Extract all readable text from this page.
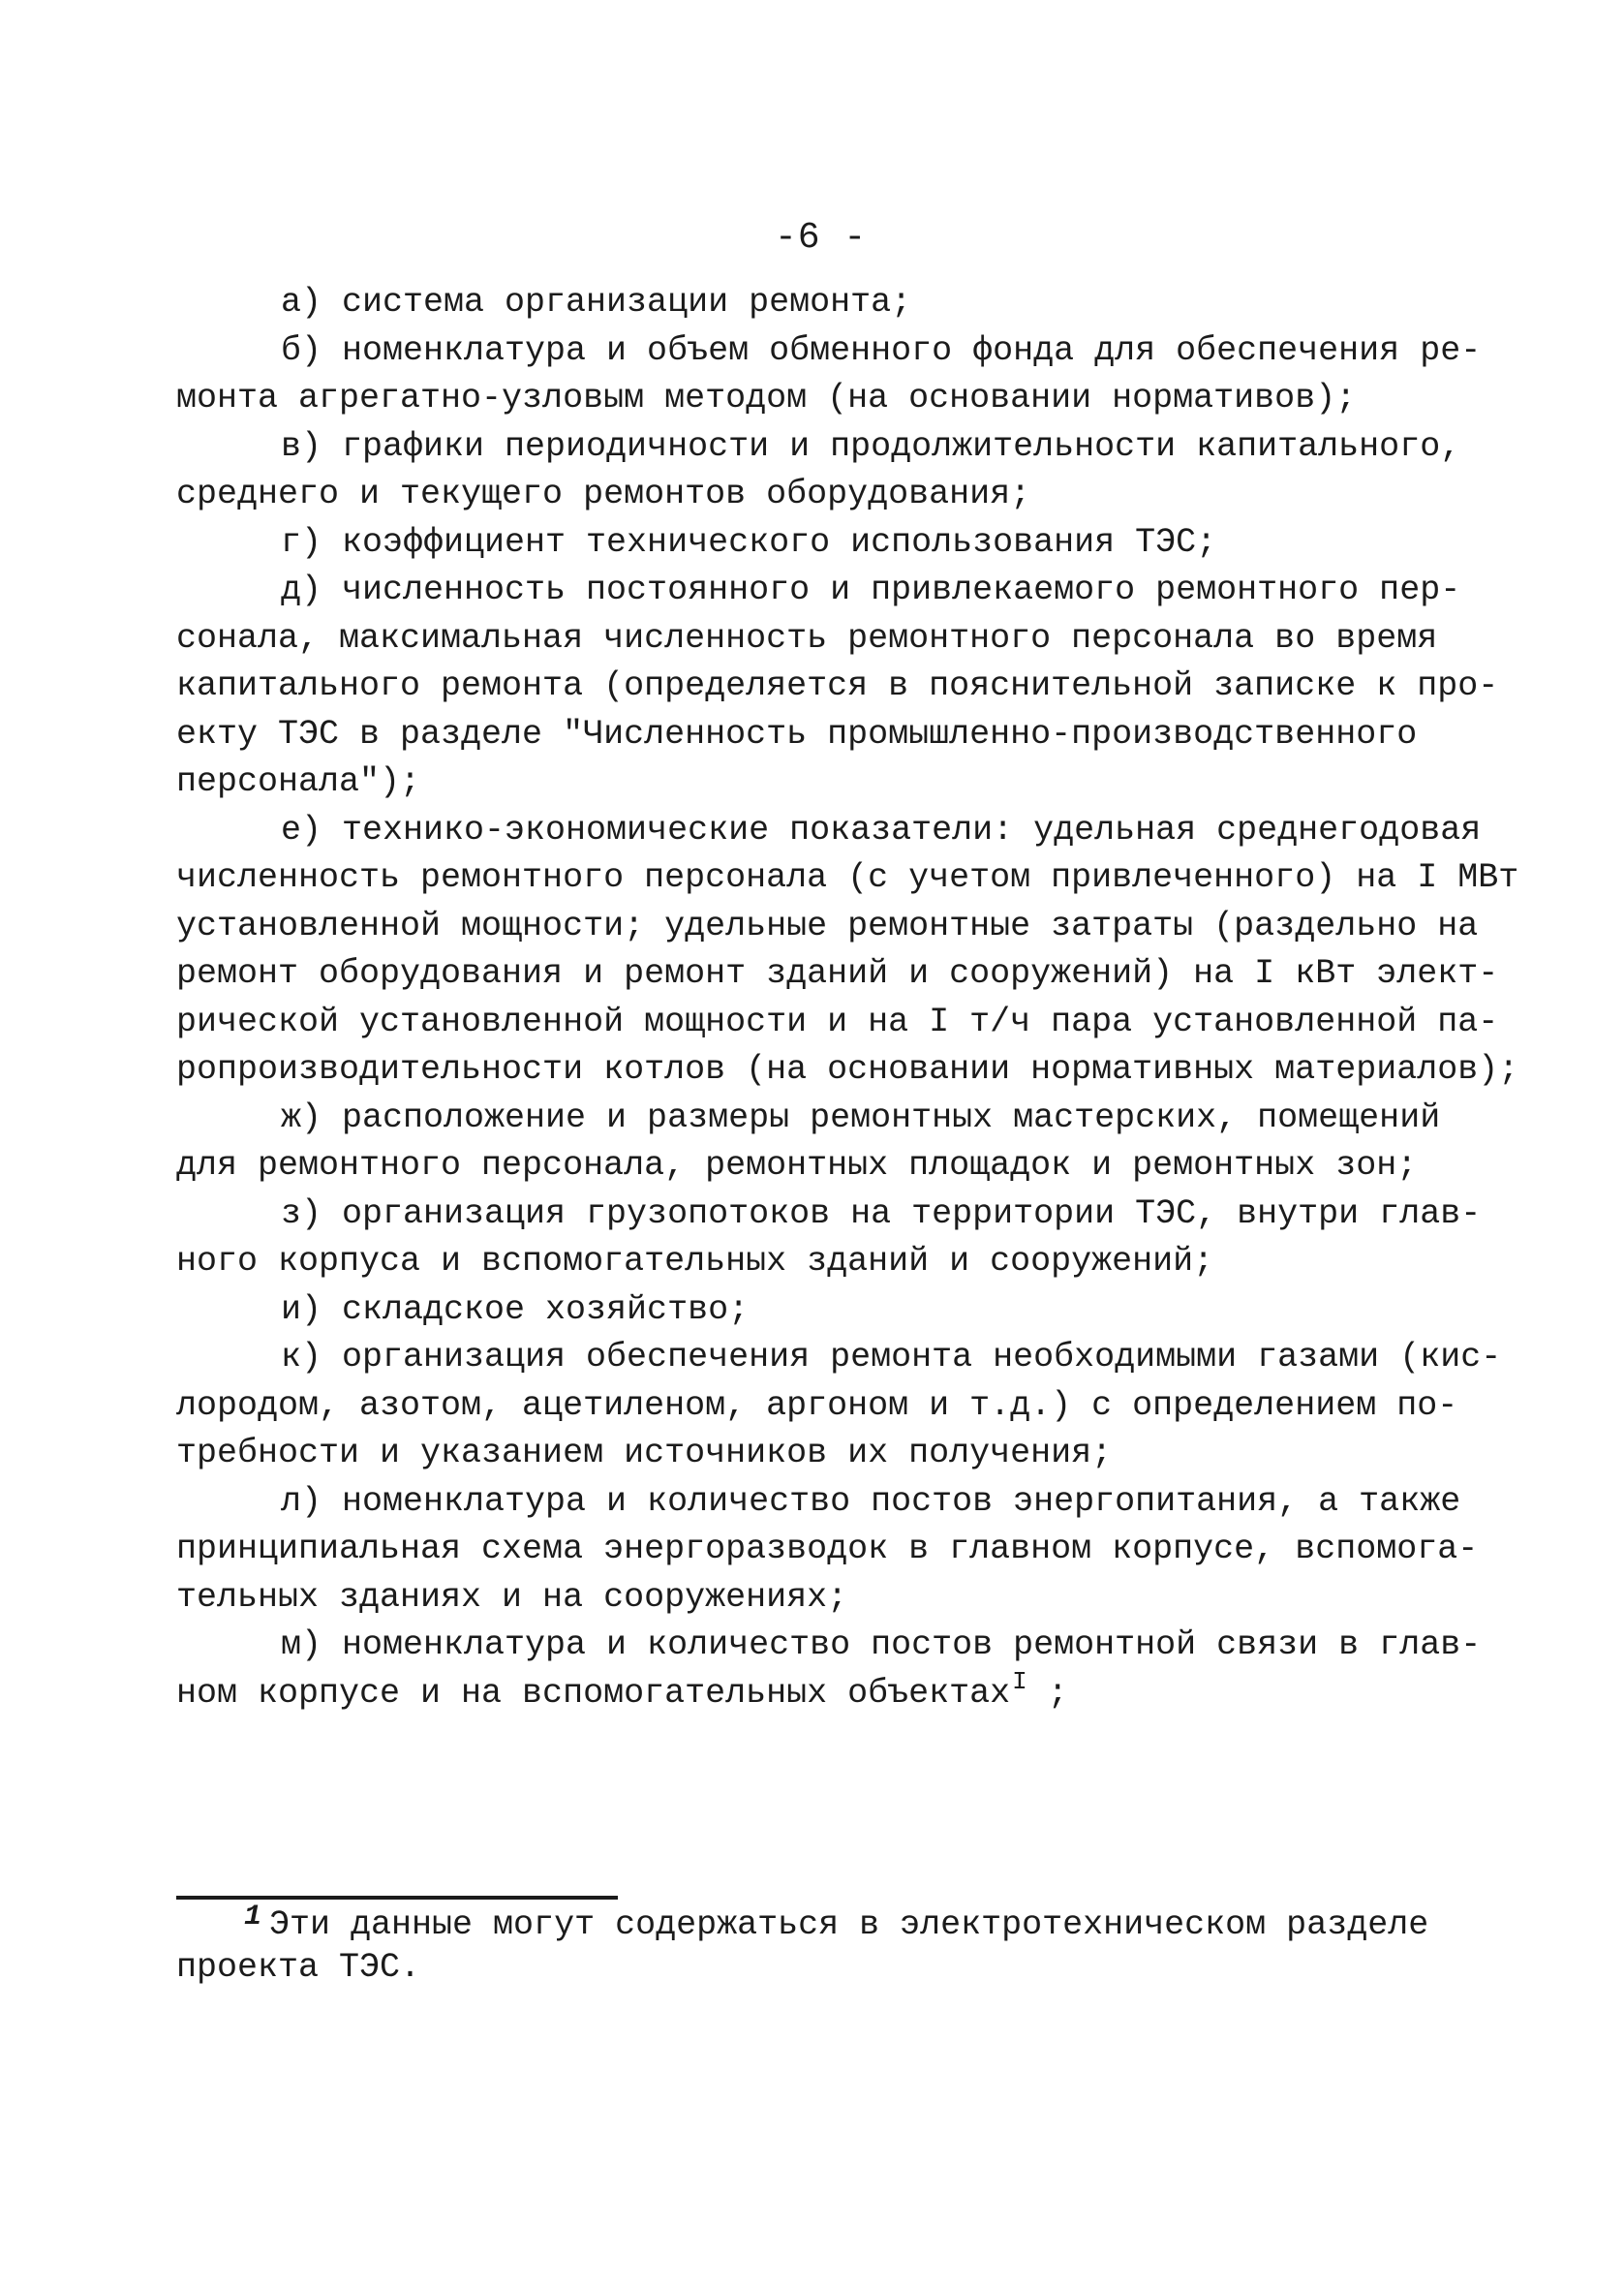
-6 -
а) система организации ремонта;
б) номенклатура и объем обменного фонда для обеспечения ре-
монта агрегатно-узловым методом (на основании нормативов);
в) графики периодичности и продолжительности капитального,
среднего и текущего ремонтов оборудования;
г) коэффициент технического использования ТЭС;
д) численность постоянного и привлекаемого ремонтного пер-
сонала, максимальная численность ремонтного персонала во время
капитального ремонта (определяется в пояснительной записке к про-
екту ТЭС в разделе "Численность промышленно-производственного
персонала");
е) технико-экономические показатели: удельная среднегодовая
численность ремонтного персонала (с учетом привлеченного) на I МВт
установленной мощности; удельные ремонтные затраты (раздельно на
ремонт оборудования и ремонт зданий и сооружений) на I кВт элект-
рической установленной мощности и на I т/ч пара установленной па-
ропроизводительности котлов (на основании нормативных материалов);
ж) расположение и размеры ремонтных мастерских, помещений
для ремонтного персонала, ремонтных площадок и ремонтных зон;
з) организация грузопотоков на территории ТЭС, внутри глав-
ного корпуса и вспомогательных зданий и сооружений;
и) складское хозяйство;
к) организация обеспечения ремонта необходимыми газами (кис-
лородом, азотом, ацетиленом, аргоном и т.д.) с определением по-
требности и указанием источников их получения;
л) номенклатура и количество постов энергопитания, а также
принципиальная схема энергоразводок в главном корпусе, вспомога-
тельных зданиях и на сооружениях;
м) номенклатура и количество постов ремонтной связи в глав-
ном корпусе и на вспомогательных объектах$^I$ ;
1 Эти данные могут содержаться в электротехническом разделе
проекта ТЭС.
